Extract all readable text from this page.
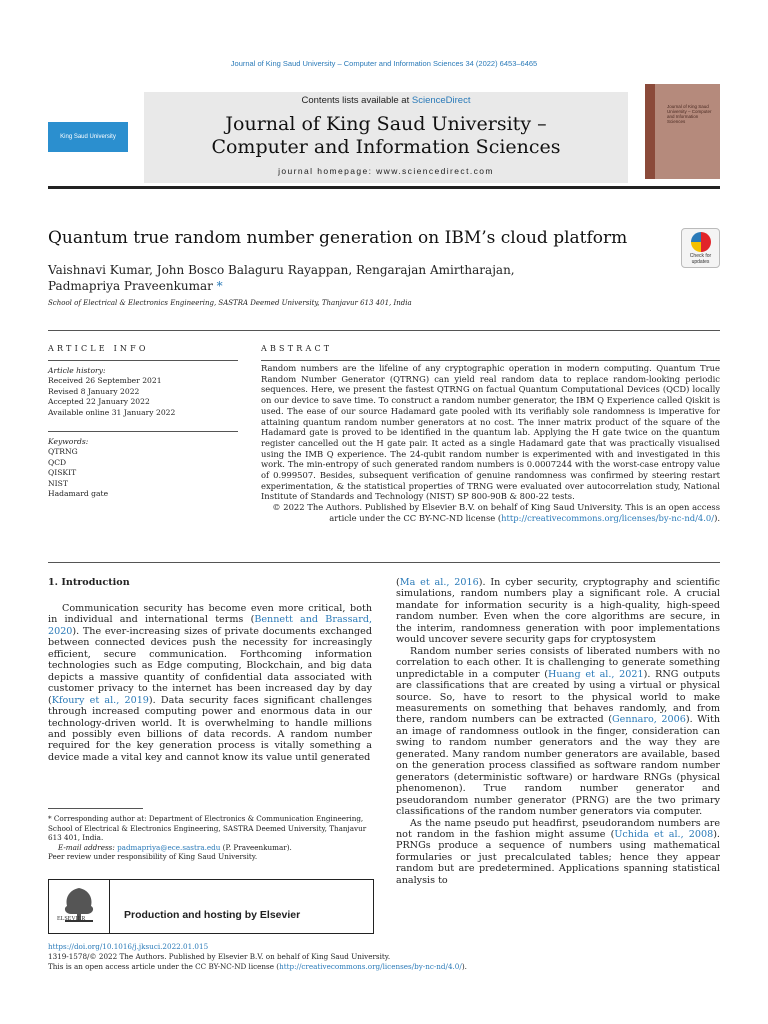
Journal of King Saud University – Computer and Information Sciences 34 (2022) 6453–6465
King Saud University
Contents lists available at ScienceDirect
Journal of King Saud University –
Computer and Information Sciences
journal homepage: www.sciencedirect.com
Journal of King Saud University – Computer and Information Sciences
Quantum true random number generation on IBM’s cloud platform
Check for updates
Vaishnavi Kumar, John Bosco Balaguru Rayappan, Rengarajan Amirtharajan,
Padmapriya Praveenkumar *
School of Electrical & Electronics Engineering, SASTRA Deemed University, Thanjavur 613 401, India
ARTICLE INFO
Article history:
Received 26 September 2021
Revised 8 January 2022
Accepted 22 January 2022
Available online 31 January 2022
Keywords:
QTRNG
QCD
QISKIT
NIST
Hadamard gate
ABSTRACT
Random numbers are the lifeline of any cryptographic operation in modern computing. Quantum True Random Number Generator (QTRNG) can yield real random data to replace random-looking periodic sequences. Here, we present the fastest QTRNG on factual Quantum Computational Devices (QCD) locally on our device to save time. To construct a random number generator, the IBM Q Experience called Qiskit is used. The ease of our source Hadamard gate pooled with its verifiably sole randomness is imperative for attaining quantum random number generators at no cost. The inner matrix product of the square of the Hadamard gate is proved to be identified in the quantum lab. Applying the H gate twice on the quantum register cancelled out the H gate pair. It acted as a single Hadamard gate that was practically visualised using the IMB Q experience. The 24-qubit random number is experimented with and investigated in this work. The min-entropy of such generated random numbers is 0.0007244 with the worst-case entropy value of 0.999507. Besides, subsequent verification of genuine randomness was confirmed by steering restart experimentation, & the statistical properties of TRNG were evaluated over autocorrelation study, National Institute of Standards and Technology (NIST) SP 800-90B & 800-22 tests.
© 2022 The Authors. Published by Elsevier B.V. on behalf of King Saud University. This is an open access
article under the CC BY-NC-ND license (http://creativecommons.org/licenses/by-nc-nd/4.0/).
1. Introduction

Communication security has become even more critical, both in individual and international terms (Bennett and Brassard, 2020). The ever-increasing sizes of private documents exchanged between connected devices push the necessity for increasingly efficient, secure communication. Forthcoming information technologies such as Edge computing, Blockchain, and big data depicts a massive quantity of confidential data associated with customer privacy to the internet has been increased day by day (Kfoury et al., 2019). Data security faces significant challenges through increased computing power and enormous data in our technology-driven world. It is overwhelming to handle millions and possibly even billions of data records. A random number required for the key generation process is vitally something a device made a vital key and cannot know its value until generated

* Corresponding author at: Department of Electronics & Communication Engineering, School of Electrical & Electronics Engineering, SASTRA Deemed University, Thanjavur 613 401, India.
E-mail address: padmapriya@ece.sastra.edu (P. Praveenkumar).
Peer review under responsibility of King Saud University.
ELSEVIER	Production and hosting by Elsevier

(Ma et al., 2016). In cyber security, cryptography and scientific simulations, random numbers play a significant role. A crucial mandate for information security is a high-quality, high-speed random number. Even when the core algorithms are secure, in the interim, randomness generation with poor implementations would uncover severe security gaps for cryptosystem

Random number series consists of liberated numbers with no correlation to each other. It is challenging to generate something unpredictable in a computer (Huang et al., 2021). RNG outputs are classifications that are created by using a virtual or physical source. So, have to resort to the physical world to make measurements on something that behaves randomly, and from there, random numbers can be extracted (Gennaro, 2006). With an image of randomness outlook in the finger, consideration can swing to random number generators and the way they are generated. Many random number generators are available, based on the generation process classified as software random number generators (deterministic software) or hardware RNGs (physical phenomenon). True random number generator and pseudorandom number generator (PRNG) are the two primary classifications of the random number generators via computer.

As the name pseudo put headfirst, pseudorandom numbers are not random in the fashion might assume (Uchida et al., 2008). PRNGs produce a sequence of numbers using mathematical formularies or just precalculated tables; hence they appear random but are predetermined. Applications spanning statistical analysis to

https://doi.org/10.1016/j.jksuci.2022.01.015
1319-1578/© 2022 The Authors. Published by Elsevier B.V. on behalf of King Saud University.
This is an open access article under the CC BY-NC-ND license (http://creativecommons.org/licenses/by-nc-nd/4.0/).
